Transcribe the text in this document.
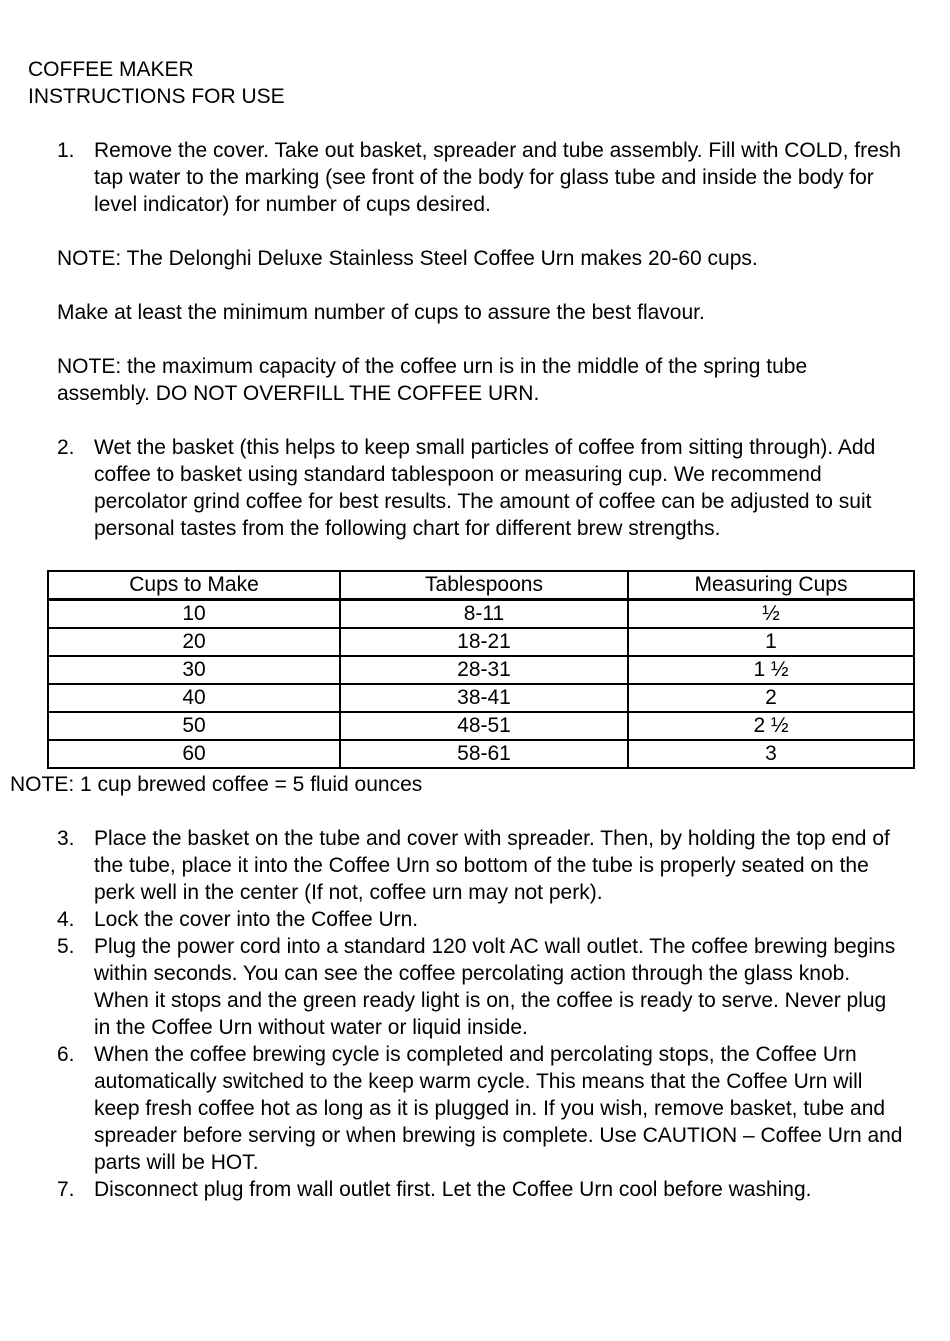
COFFEE MAKER
INSTRUCTIONS FOR USE
1. Remove the cover. Take out basket, spreader and tube assembly. Fill with COLD, fresh tap water to the marking (see front of the body for glass tube and inside the body for level indicator) for number of cups desired.

NOTE: The Delonghi Deluxe Stainless Steel Coffee Urn makes 20-60 cups.

Make at least the minimum number of cups to assure the best flavour.

NOTE: the maximum capacity of the coffee urn is in the middle of the spring tube assembly. DO NOT OVERFILL THE COFFEE URN.

2. Wet the basket (this helps to keep small particles of coffee from sitting through). Add coffee to basket using standard tablespoon or measuring cup. We recommend percolator grind coffee for best results. The amount of coffee can be adjusted to suit personal tastes from the following chart for different brew strengths.
Cups to Make	Tablespoons	Measuring Cups
10	8-11	½
20	18-21	1
30	28-31	1 ½
40	38-41	2
50	48-51	2 ½
60	58-61	3

NOTE: 1 cup brewed coffee = 5 fluid ounces

3. Place the basket on the tube and cover with spreader. Then, by holding the top end of the tube, place it into the Coffee Urn so bottom of the tube is properly seated on the perk well in the center (If not, coffee urn may not perk).
4. Lock the cover into the Coffee Urn.
5. Plug the power cord into a standard 120 volt AC wall outlet. The coffee brewing begins within seconds. You can see the coffee percolating action through the glass knob. When it stops and the green ready light is on, the coffee is ready to serve. Never plug in the Coffee Urn without water or liquid inside.
6. When the coffee brewing cycle is completed and percolating stops, the Coffee Urn automatically switched to the keep warm cycle. This means that the Coffee Urn will keep fresh coffee hot as long as it is plugged in. If you wish, remove basket, tube and spreader before serving or when brewing is complete. Use CAUTION – Coffee Urn and parts will be HOT.
7. Disconnect plug from wall outlet first. Let the Coffee Urn cool before washing.
